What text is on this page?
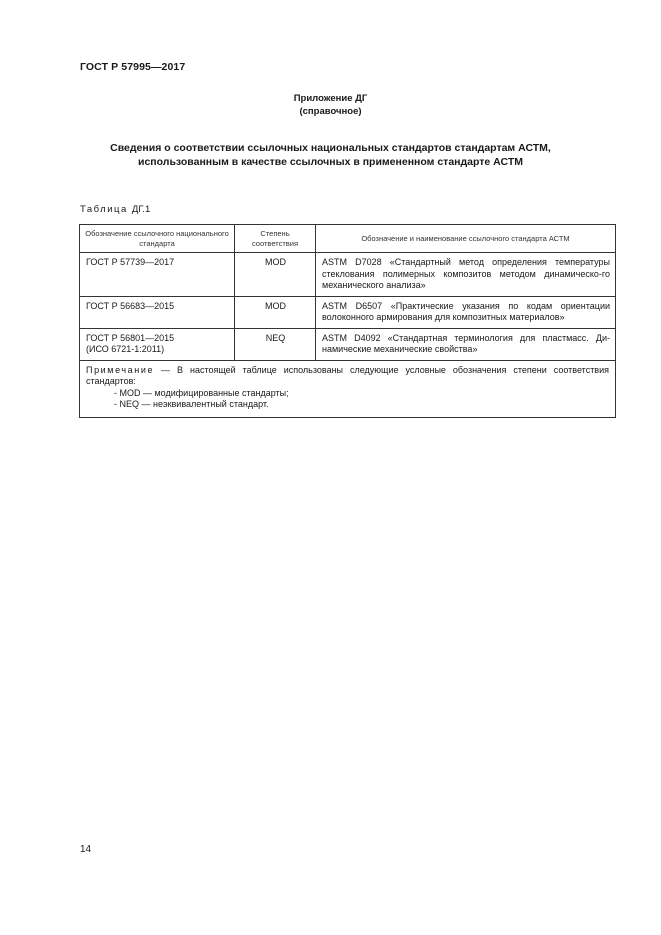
ГОСТ Р 57995—2017
Приложение ДГ
(справочное)
Сведения о соответствии ссылочных национальных стандартов стандартам АСТМ,
использованным в качестве ссылочных в примененном стандарте АСТМ
Таблица ДГ.1
Обозначение ссылочного национального стандарта	Степень соответствия	Обозначение и наименование ссылочного стандарта АСТМ
ГОСТ Р 57739—2017	MOD	ASTM D7028 «Стандартный метод определения температуры стеклования полимерных композитов методом динамическо-го механического анализа»
ГОСТ Р 56683—2015	MOD	ASTM D6507 «Практические указания по кодам ориентации волоконного армирования для композитных материалов»
ГОСТ Р 56801—2015
(ИСО 6721-1:2011)	NEQ	ASTM D4092 «Стандартная терминология для пластмасс. Ди-намические механические свойства»

Примечание — В настоящей таблице использованы следующие условные обозначения степени соответствия стандартов:
- MOD — модифицированные стандарты;
- NEQ — неэквивалентный стандарт.		
14
